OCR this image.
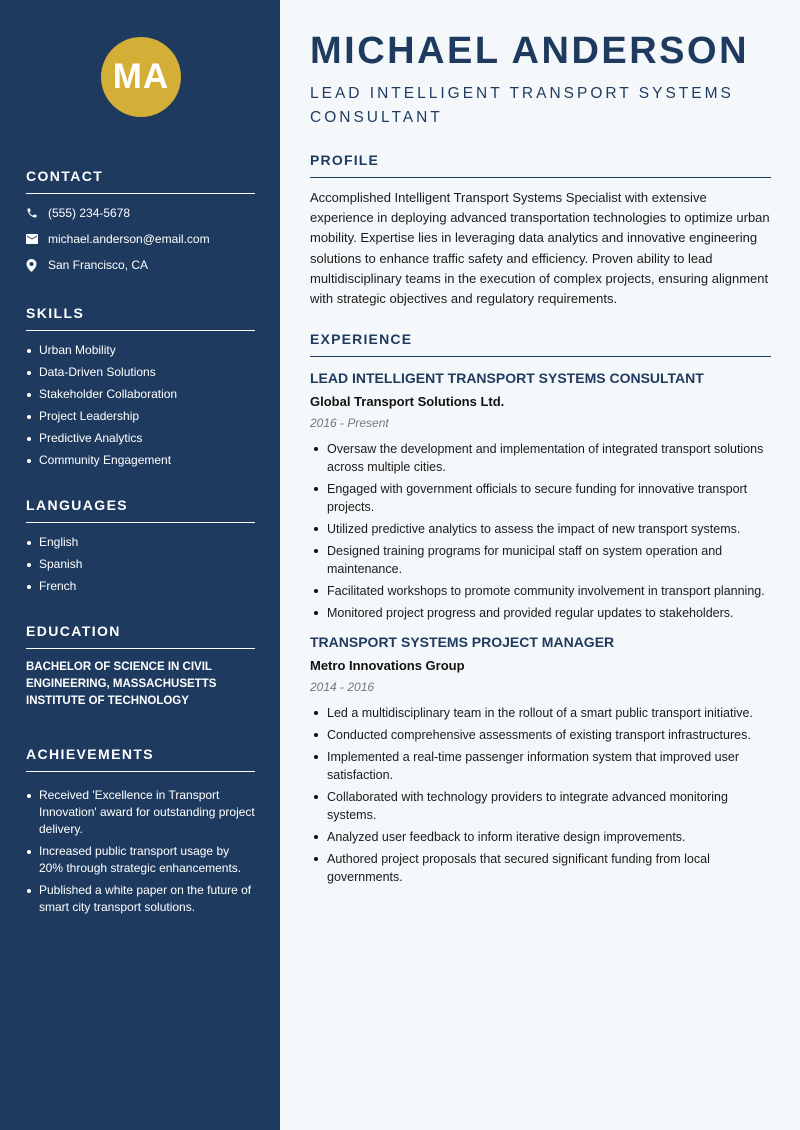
MA
CONTACT
(555) 234-5678
michael.anderson@email.com
San Francisco, CA
SKILLS
Urban Mobility
Data-Driven Solutions
Stakeholder Collaboration
Project Leadership
Predictive Analytics
Community Engagement
LANGUAGES
English
Spanish
French
EDUCATION
BACHELOR OF SCIENCE IN CIVIL ENGINEERING, MASSACHUSETTS INSTITUTE OF TECHNOLOGY
ACHIEVEMENTS
Received 'Excellence in Transport Innovation' award for outstanding project delivery.
Increased public transport usage by 20% through strategic enhancements.
Published a white paper on the future of smart city transport solutions.
MICHAEL ANDERSON
LEAD INTELLIGENT TRANSPORT SYSTEMS CONSULTANT
PROFILE
Accomplished Intelligent Transport Systems Specialist with extensive experience in deploying advanced transportation technologies to optimize urban mobility. Expertise lies in leveraging data analytics and innovative engineering solutions to enhance traffic safety and efficiency. Proven ability to lead multidisciplinary teams in the execution of complex projects, ensuring alignment with strategic objectives and regulatory requirements.
EXPERIENCE
LEAD INTELLIGENT TRANSPORT SYSTEMS CONSULTANT
Global Transport Solutions Ltd.
2016 - Present
Oversaw the development and implementation of integrated transport solutions across multiple cities.
Engaged with government officials to secure funding for innovative transport projects.
Utilized predictive analytics to assess the impact of new transport systems.
Designed training programs for municipal staff on system operation and maintenance.
Facilitated workshops to promote community involvement in transport planning.
Monitored project progress and provided regular updates to stakeholders.
TRANSPORT SYSTEMS PROJECT MANAGER
Metro Innovations Group
2014 - 2016
Led a multidisciplinary team in the rollout of a smart public transport initiative.
Conducted comprehensive assessments of existing transport infrastructures.
Implemented a real-time passenger information system that improved user satisfaction.
Collaborated with technology providers to integrate advanced monitoring systems.
Analyzed user feedback to inform iterative design improvements.
Authored project proposals that secured significant funding from local governments.
